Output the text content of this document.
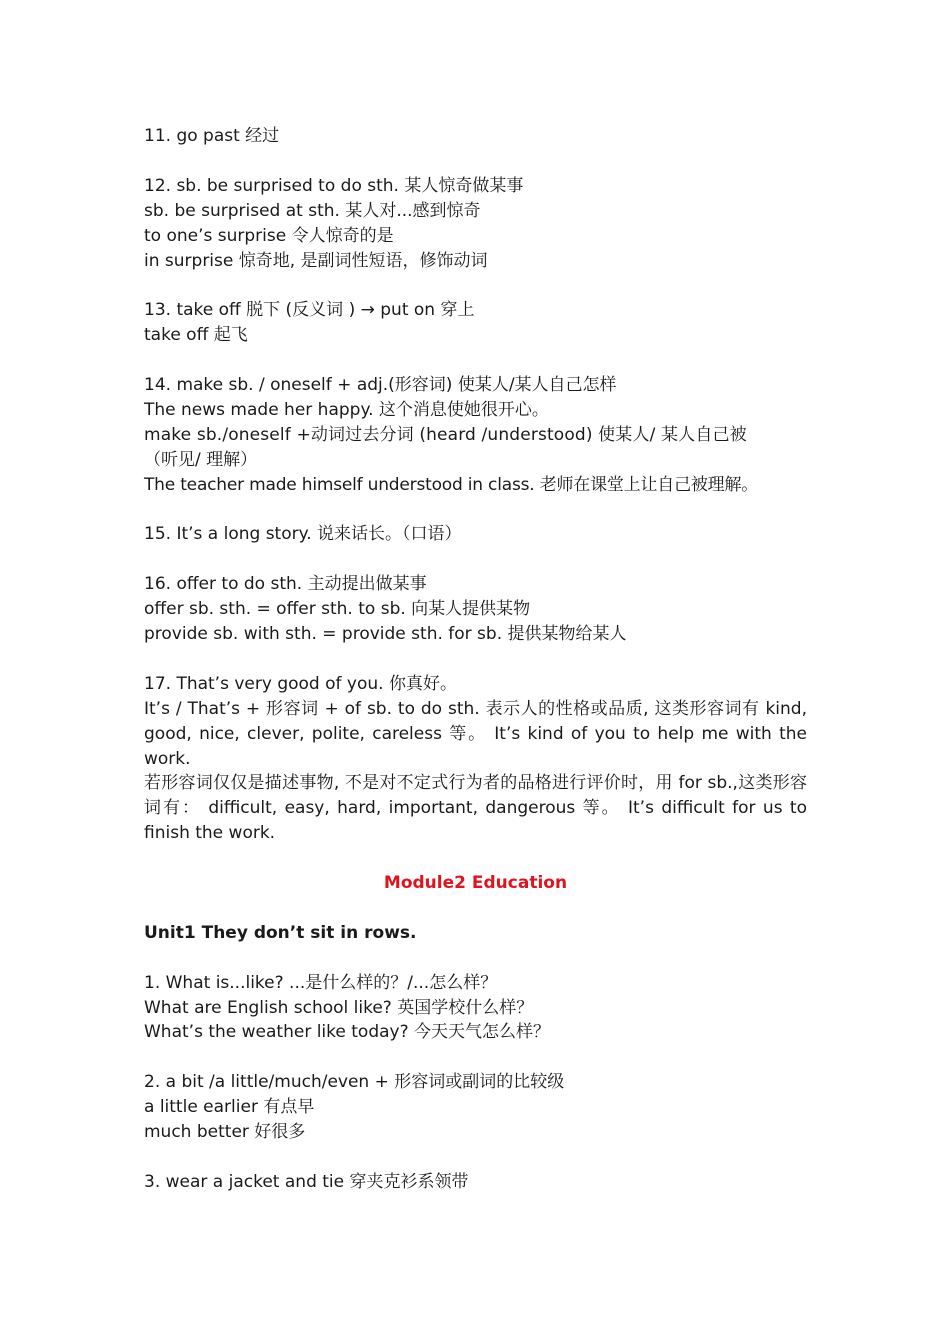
11. go past 经过
12. sb. be surprised to do sth. 某人惊奇做某事
sb. be surprised at sth. 某人对...感到惊奇
to one’s surprise 令人惊奇的是
in surprise 惊奇地, 是副词性短语，修饰动词
13. take off 脱下 (反义词 ) → put on 穿上
take off 起飞
14. make sb. / oneself + adj.(形容词) 使某人/某人自己怎样
The news made her happy. 这个消息使她很开心。
make sb./oneself +动词过去分词 (heard /understood) 使某人/ 某人自己被
（听见/ 理解）
The teacher made himself understood in class. 老师在课堂上让自己被理解。
15. It’s a long story. 说来话长。（口语）
16. offer to do sth. 主动提出做某事
offer sb. sth. = offer sth. to sb. 向某人提供某物
provide sb. with sth. = provide sth. for sb. 提供某物给某人
17. That’s very good of you. 你真好。
It’s / That’s + 形容词 + of sb. to do sth. 表示人的性格或品质, 这类形容词有 kind, good, nice, clever, polite, careless 等。 It’s kind of you to help me with the work.
若形容词仅仅是描述事物, 不是对不定式行为者的品格进行评价时，用 for sb.,这类形容词有： difficult, easy, hard, important, dangerous 等。 It’s difficult for us to finish the work.
Module2 Education
Unit1 They don’t sit in rows.
1. What is...like? ...是什么样的？/...怎么样？
What are English school like? 英国学校什么样？
What’s the weather like today? 今天天气怎么样？
2. a bit /a little/much/even + 形容词或副词的比较级
a little earlier 有点早
much better 好很多
3. wear a jacket and tie 穿夹克衫系领带
